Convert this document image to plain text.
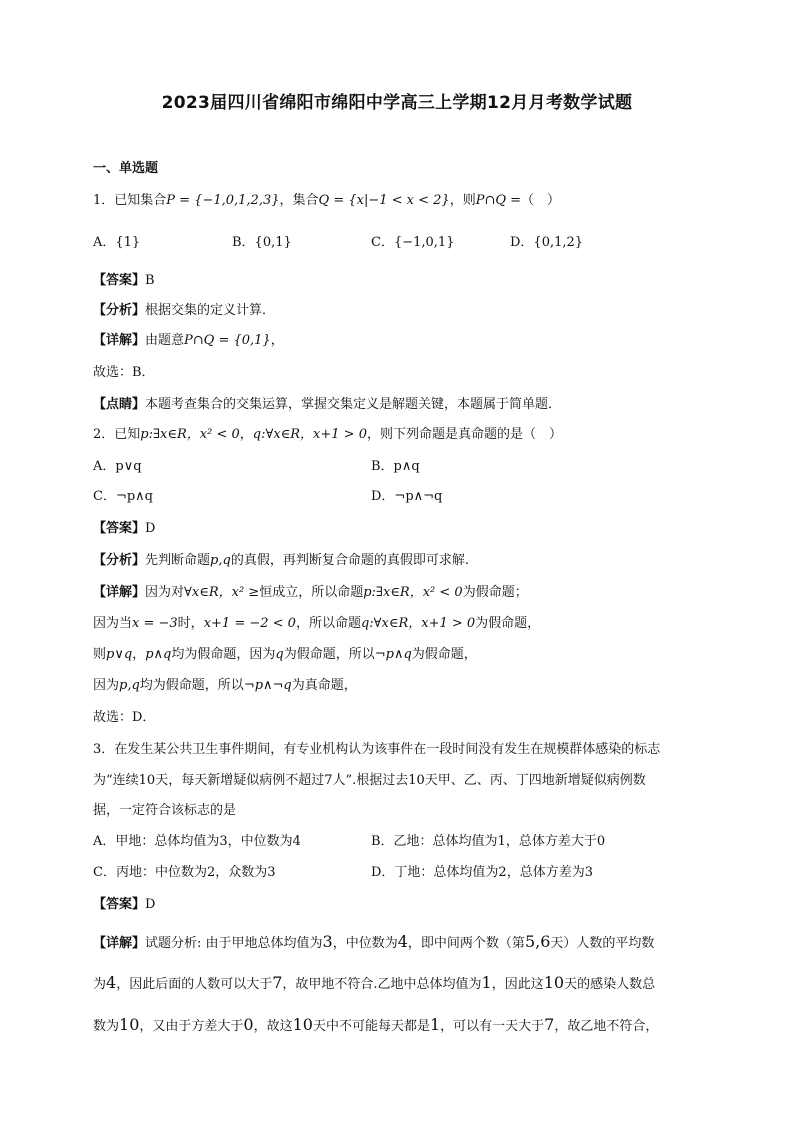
2023届四川省绵阳市绵阳中学高三上学期12月月考数学试题
一、单选题
1．已知集合P = {−1,0,1,2,3}，集合Q = {x|−1 < x < 2}，则P∩Q =（　）
A．{1}	B．{0,1}	C．{−1,0,1}	D．{0,1,2}
【答案】B
【分析】根据交集的定义计算．
【详解】由题意P∩Q = {0,1}，
故选：B．
【点睛】本题考查集合的交集运算，掌握交集定义是解题关键，本题属于简单题．
2．已知p:∃x∈R，x² < 0，q:∀x∈R，x+1 > 0，则下列命题是真命题的是（　）
A．p∨q	B．p∧q
C．¬p∧q	D．¬p∧¬q
【答案】D
【分析】先判断命题p,q的真假，再判断复合命题的真假即可求解.
【详解】因为对∀x∈R，x² ≥恒成立，所以命题p:∃x∈R，x² < 0为假命题；
因为当x = −3时，x+1 = −2 < 0，所以命题q:∀x∈R，x+1 > 0为假命题，
则p∨q，p∧q均为假命题，因为q为假命题，所以¬p∧q为假命题，
因为p,q均为假命题，所以¬p∧¬q为真命题，
故选：D．
3．在发生某公共卫生事件期间，有专业机构认为该事件在一段时间没有发生在规模群体感染的标志
为“连续10天，每天新增疑似病例不超过7人”.根据过去10天甲、乙、丙、丁四地新增疑似病例数
据，一定符合该标志的是
A．甲地：总体均值为3，中位数为4	B．乙地：总体均值为1，总体方差大于0
C．丙地：中位数为2，众数为3	D．丁地：总体均值为2，总体方差为3
【答案】D
【详解】试题分析: 由于甲地总体均值为3，中位数为4，即中间两个数（第5,6天）人数的平均数
为4，因此后面的人数可以大于7，故甲地不符合.乙地中总体均值为1，因此这10天的感染人数总
数为10，又由于方差大于0，故这10天中不可能每天都是1，可以有一天大于7，故乙地不符合，
